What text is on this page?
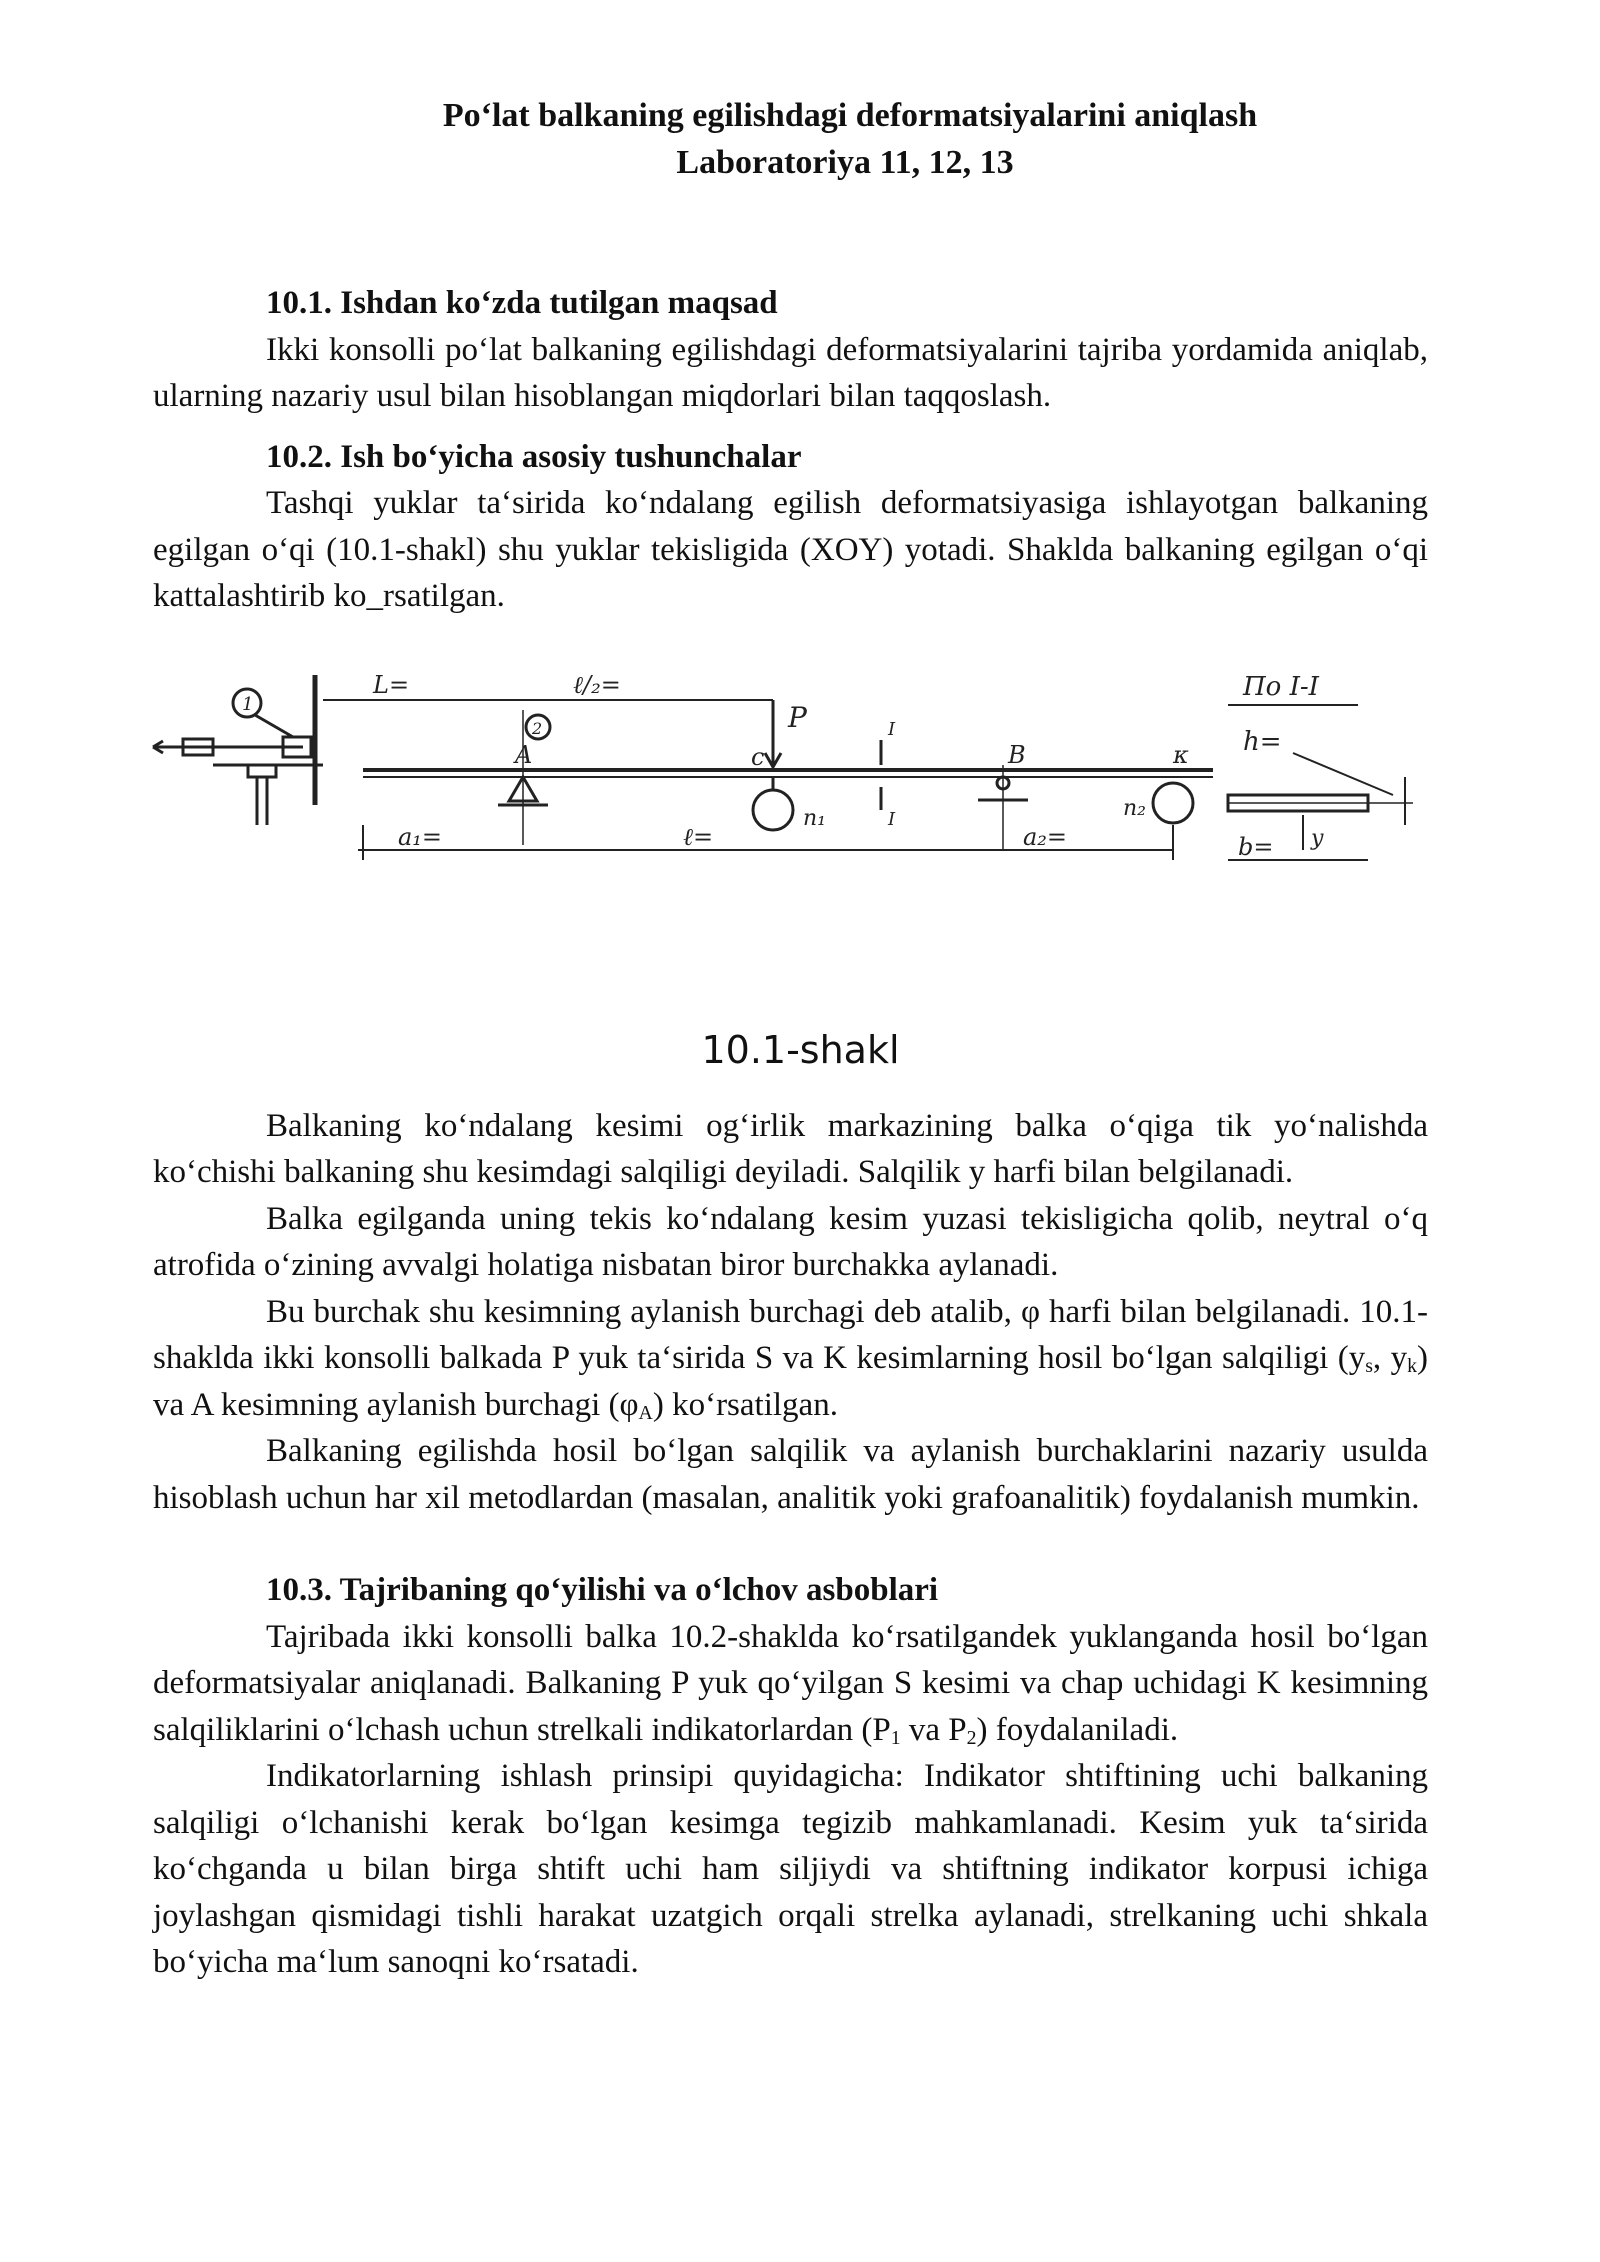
Po‘lat balkaning egilishdagi deformatsiyalarini aniqlash
Laboratoriya 11, 12, 13
10.1. Ishdan ko‘zda tutilgan maqsad

Ikki konsolli po‘lat balkaning egilishdagi deformatsiyalarini tajriba yordamida aniqlab, ularning nazariy usul bilan hisoblangan miqdorlari bilan taqqoslash.

10.2. Ish bo‘yicha asosiy tushunchalar

Tashqi yuklar ta‘sirida ko‘ndalang egilish deformatsiyasiga ishlayotgan balkaning egilgan o‘qi (10.1-shakl) shu yuklar tekisligida (XOY) yotadi. Shaklda balkaning egilgan o‘qi kattalashtirib ko_rsatilgan.

1
L=	ℓ/₂=
2
A
P
c
n₁
I
I
B	κ
n₂
a₁=	ℓ=	a₂=
По I-I
h=
y
b=
10.1-shakl

Balkaning ko‘ndalang kesimi og‘irlik markazining balka o‘qiga tik yo‘nalishda ko‘chishi balkaning shu kesimdagi salqiligi deyiladi. Salqilik y harfi bilan belgilanadi.

Balka egilganda uning tekis ko‘ndalang kesim yuzasi tekisligicha qolib, neytral o‘q atrofida o‘zining avvalgi holatiga nisbatan biror burchakka aylanadi.

Bu burchak shu kesimning aylanish burchagi deb atalib, φ harfi bilan belgilanadi. 10.1-shaklda ikki konsolli balkada P yuk ta‘sirida S va K kesimlarning hosil bo‘lgan salqiligi ($y_s$, $y_k$) va A kesimning aylanish burchagi $(\varphi_A)$ ko‘rsatilgan.

Balkaning egilishda hosil bo‘lgan salqilik va aylanish burchaklarini nazariy usulda hisoblash uchun har xil metodlardan (masalan, analitik yoki grafoanalitik) foydalanish mumkin.

10.3. Tajribaning qo‘yilishi va o‘lchov asboblari

Tajribada ikki konsolli balka 10.2-shaklda ko‘rsatilgandek yuklanganda hosil bo‘lgan deformatsiyalar aniqlanadi. Balkaning P yuk qo‘yilgan S kesimi va chap uchidagi K kesimning salqiliklarini o‘lchash uchun strelkali indikatorlardan ($P_1$ va $P_2$) foydalaniladi.

Indikatorlarning ishlash prinsipi quyidagicha: Indikator shtiftining uchi balkaning salqiligi o‘lchanishi kerak bo‘lgan kesimga tegizib mahkamlanadi. Kesim yuk ta‘sirida ko‘chganda u bilan birga shtift uchi ham siljiydi va shtiftning indikator korpusi ichiga joylashgan qismidagi tishli harakat uzatgich orqali strelka aylanadi, strelkaning uchi shkala bo‘yicha ma‘lum sanoqni ko‘rsatadi.
